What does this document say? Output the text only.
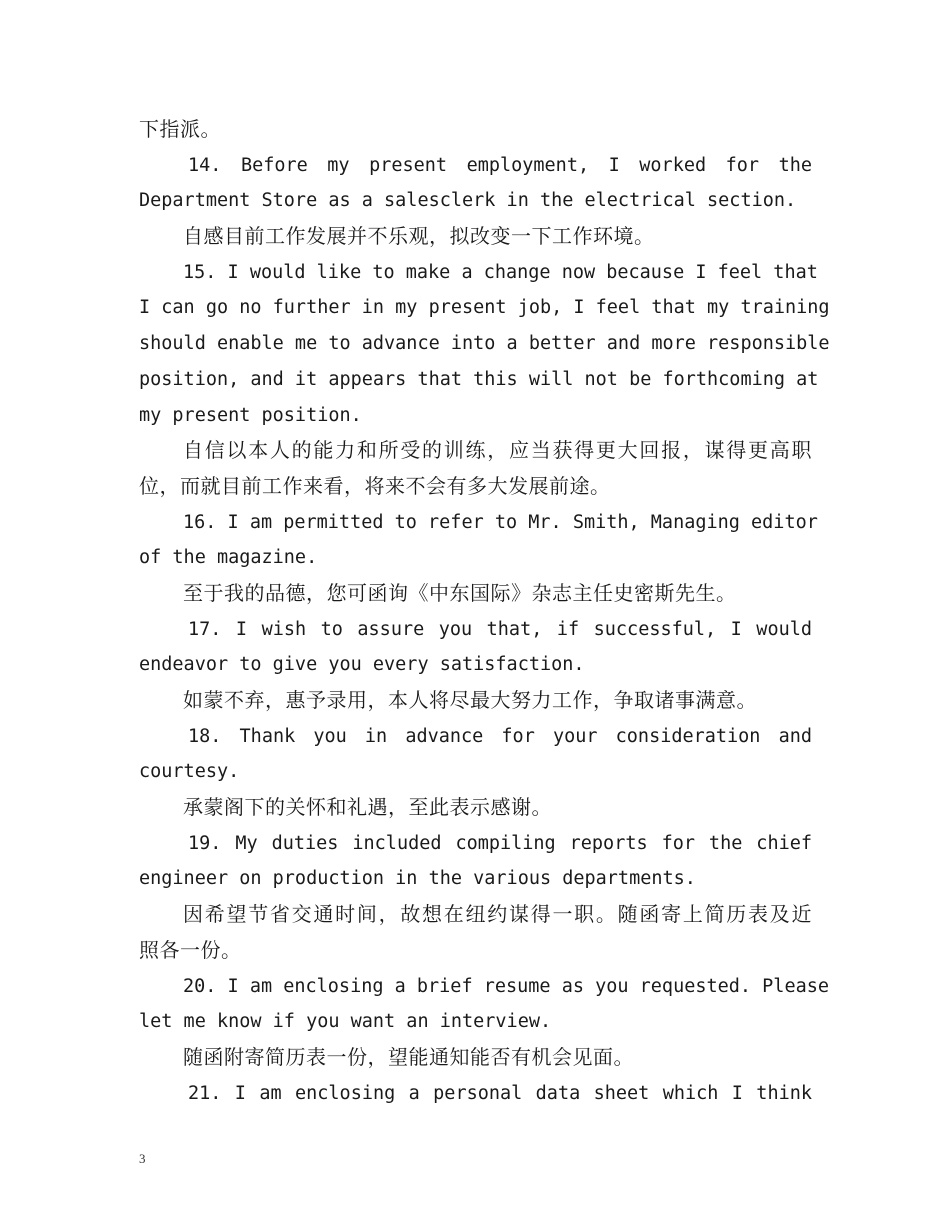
下指派。
14. Before my present employment, I worked for the
Department Store as a salesclerk in the electrical section.
自感目前工作发展并不乐观，拟改变一下工作环境。
15. I would like to make a change now because I feel that
I can go no further in my present job, I feel that my training
should enable me to advance into a better and more responsible
position, and it appears that this will not be forthcoming at
my present position.
自信以本人的能力和所受的训练，应当获得更大回报，谋得更高职
位，而就目前工作来看，将来不会有多大发展前途。
16. I am permitted to refer to Mr. Smith, Managing editor
of the magazine.
至于我的品德，您可函询《中东国际》杂志主任史密斯先生。
17. I wish to assure you that, if successful, I would
endeavor to give you every satisfaction.
如蒙不弃，惠予录用，本人将尽最大努力工作，争取诸事满意。
18. Thank you in advance for your consideration and
courtesy.
承蒙阁下的关怀和礼遇，至此表示感谢。
19. My duties included compiling reports for the chief
engineer on production in the various departments.
因希望节省交通时间，故想在纽约谋得一职。随函寄上简历表及近
照各一份。
20. I am enclosing a brief resume as you requested. Please
let me know if you want an interview.
随函附寄简历表一份，望能通知能否有机会见面。
21. I am enclosing a personal data sheet which I think
3
